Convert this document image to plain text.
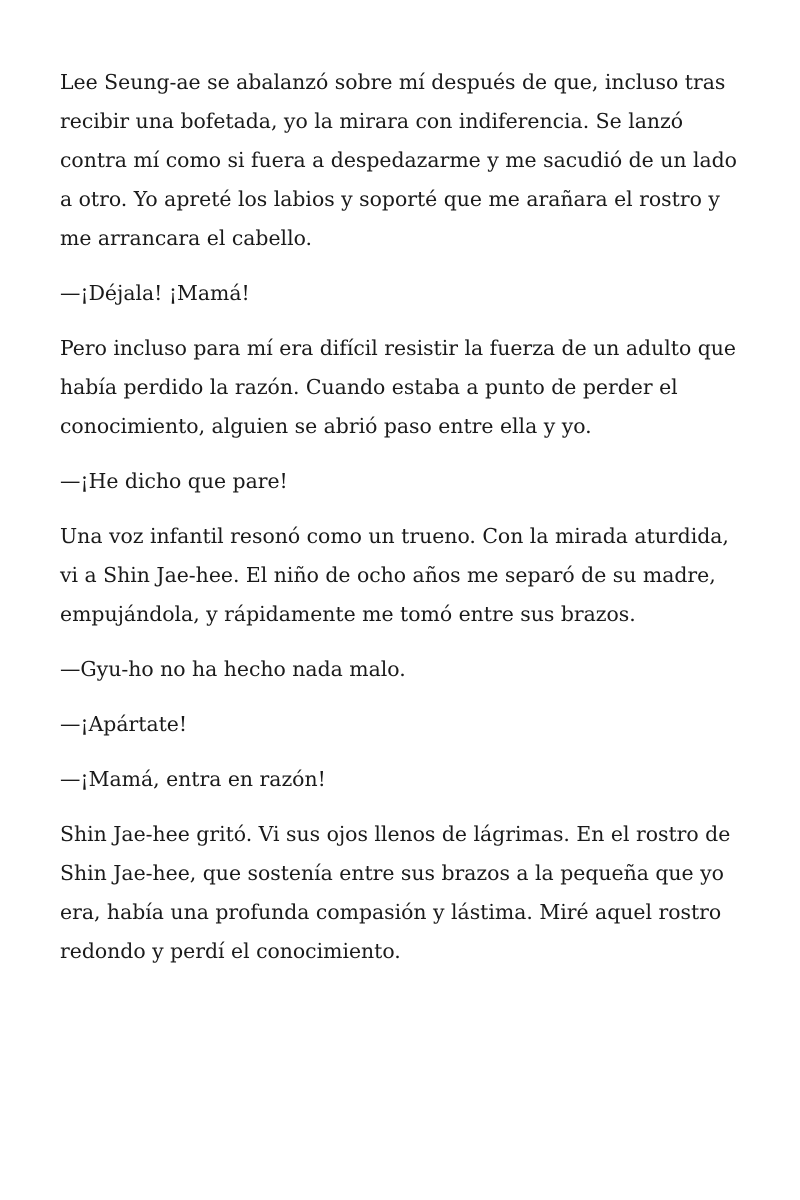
Lee Seung-ae se abalanzó sobre mí después de que, incluso tras recibir una bofetada, yo la mirara con indiferencia. Se lanzó contra mí como si fuera a despedazarme y me sacudió de un lado a otro. Yo apreté los labios y soporté que me arañara el rostro y me arrancara el cabello.

—¡Déjala! ¡Mamá!

Pero incluso para mí era difícil resistir la fuerza de un adulto que había perdido la razón. Cuando estaba a punto de perder el conocimiento, alguien se abrió paso entre ella y yo.

—¡He dicho que pare!

Una voz infantil resonó como un trueno. Con la mirada aturdida, vi a Shin Jae-hee. El niño de ocho años me separó de su madre, empujándola, y rápidamente me tomó entre sus brazos.

—Gyu-ho no ha hecho nada malo.

—¡Apártate!

—¡Mamá, entra en razón!

Shin Jae-hee gritó. Vi sus ojos llenos de lágrimas. En el rostro de Shin Jae-hee, que sostenía entre sus brazos a la pequeña que yo era, había una profunda compasión y lástima. Miré aquel rostro redondo y perdí el conocimiento.
